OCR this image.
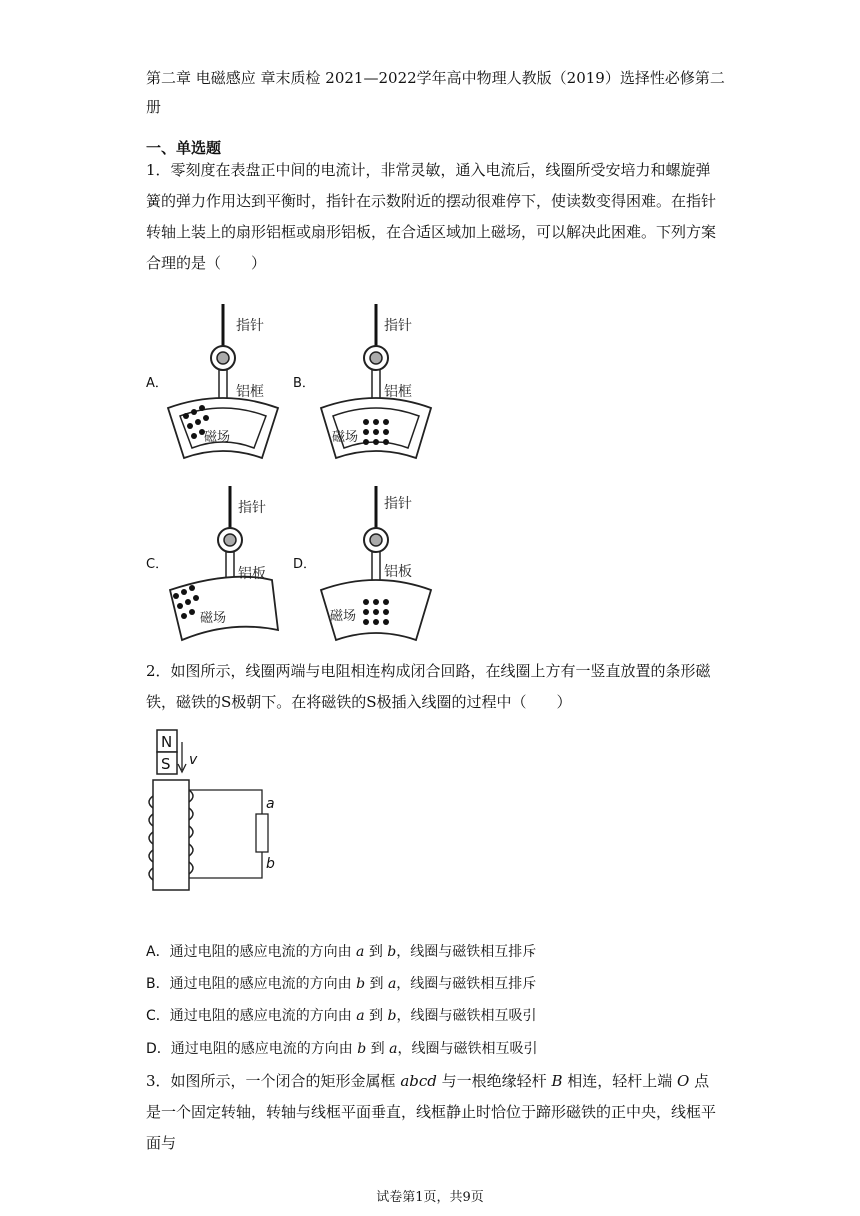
第二章 电磁感应 章末质检 2021—2022学年高中物理人教版（2019）选择性必修第二册
一、单选题
1．零刻度在表盘正中间的电流计，非常灵敏，通入电流后，线圈所受安培力和螺旋弹簧的弹力作用达到平衡时，指针在示数附近的摆动很难停下，使读数变得困难。在指针转轴上装上的扇形铝框或扇形铝板，在合适区域加上磁场，可以解决此困难。下列方案合理的是（　　）
A．	B．
C．	D．
指针
铝框
磁场
指针
铝框
磁场
指针
铝板
磁场
指针
铝板
磁场
2．如图所示，线圈两端与电阻相连构成闭合回路，在线圈上方有一竖直放置的条形磁铁，磁铁的S极朝下。在将磁铁的S极插入线圈的过程中（　　）
N
S v
a
b
A．通过电阻的感应电流的方向由 a 到 b，线圈与磁铁相互排斥
B．通过电阻的感应电流的方向由 b 到 a，线圈与磁铁相互排斥
C．通过电阻的感应电流的方向由 a 到 b，线圈与磁铁相互吸引
D．通过电阻的感应电流的方向由 b 到 a，线圈与磁铁相互吸引
3．如图所示，一个闭合的矩形金属框 abcd 与一根绝缘轻杆 B 相连，轻杆上端 O 点是一个固定转轴，转轴与线框平面垂直，线框静止时恰位于蹄形磁铁的正中央，线框平面与
试卷第1页，共9页
